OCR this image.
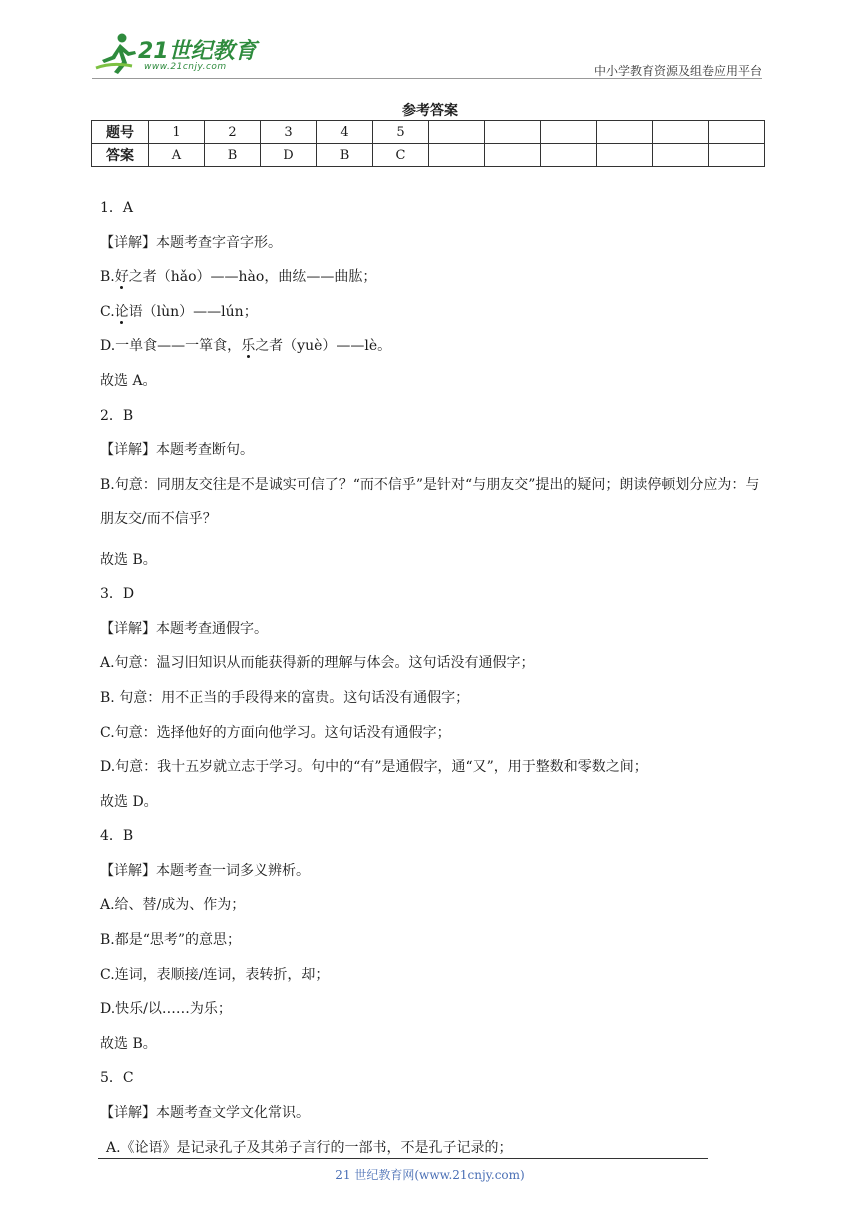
21世纪教育
www.21cnjy.com	中小学教育资源及组卷应用平台
参考答案
题号	1	2	3	4	5						
答案	A	B	D	B	C						
1．A
【详解】本题考查字音字形。
B.好之者（hǎo）——hào，曲纮——曲肱；
C.论语（lùn）——lún；
D.一单食——一箪食，乐之者（yuè）——lè。
故选 A。
2．B
【详解】本题考查断句。
B.句意：同朋友交往是不是诚实可信了？“而不信乎”是针对“与朋友交”提出的疑问；朗读停顿划分应为：与朋友交/而不信乎？
故选 B。
3．D
【详解】本题考查通假字。
A.句意：温习旧知识从而能获得新的理解与体会。这句话没有通假字；
B. 句意：用不正当的手段得来的富贵。这句话没有通假字；
C.句意：选择他好的方面向他学习。这句话没有通假字；
D.句意：我十五岁就立志于学习。句中的“有”是通假字，通“又”，用于整数和零数之间；
故选 D。
4．B
【详解】本题考查一词多义辨析。
A.给、替/成为、作为；
B.都是“思考”的意思；
C.连词，表顺接/连词，表转折，却；
D.快乐/以……为乐；
故选 B。
5．C
【详解】本题考查文学文化常识。
A.《论语》是记录孔子及其弟子言行的一部书，不是孔子记录的；
21 世纪教育网(www.21cnjy.com)
